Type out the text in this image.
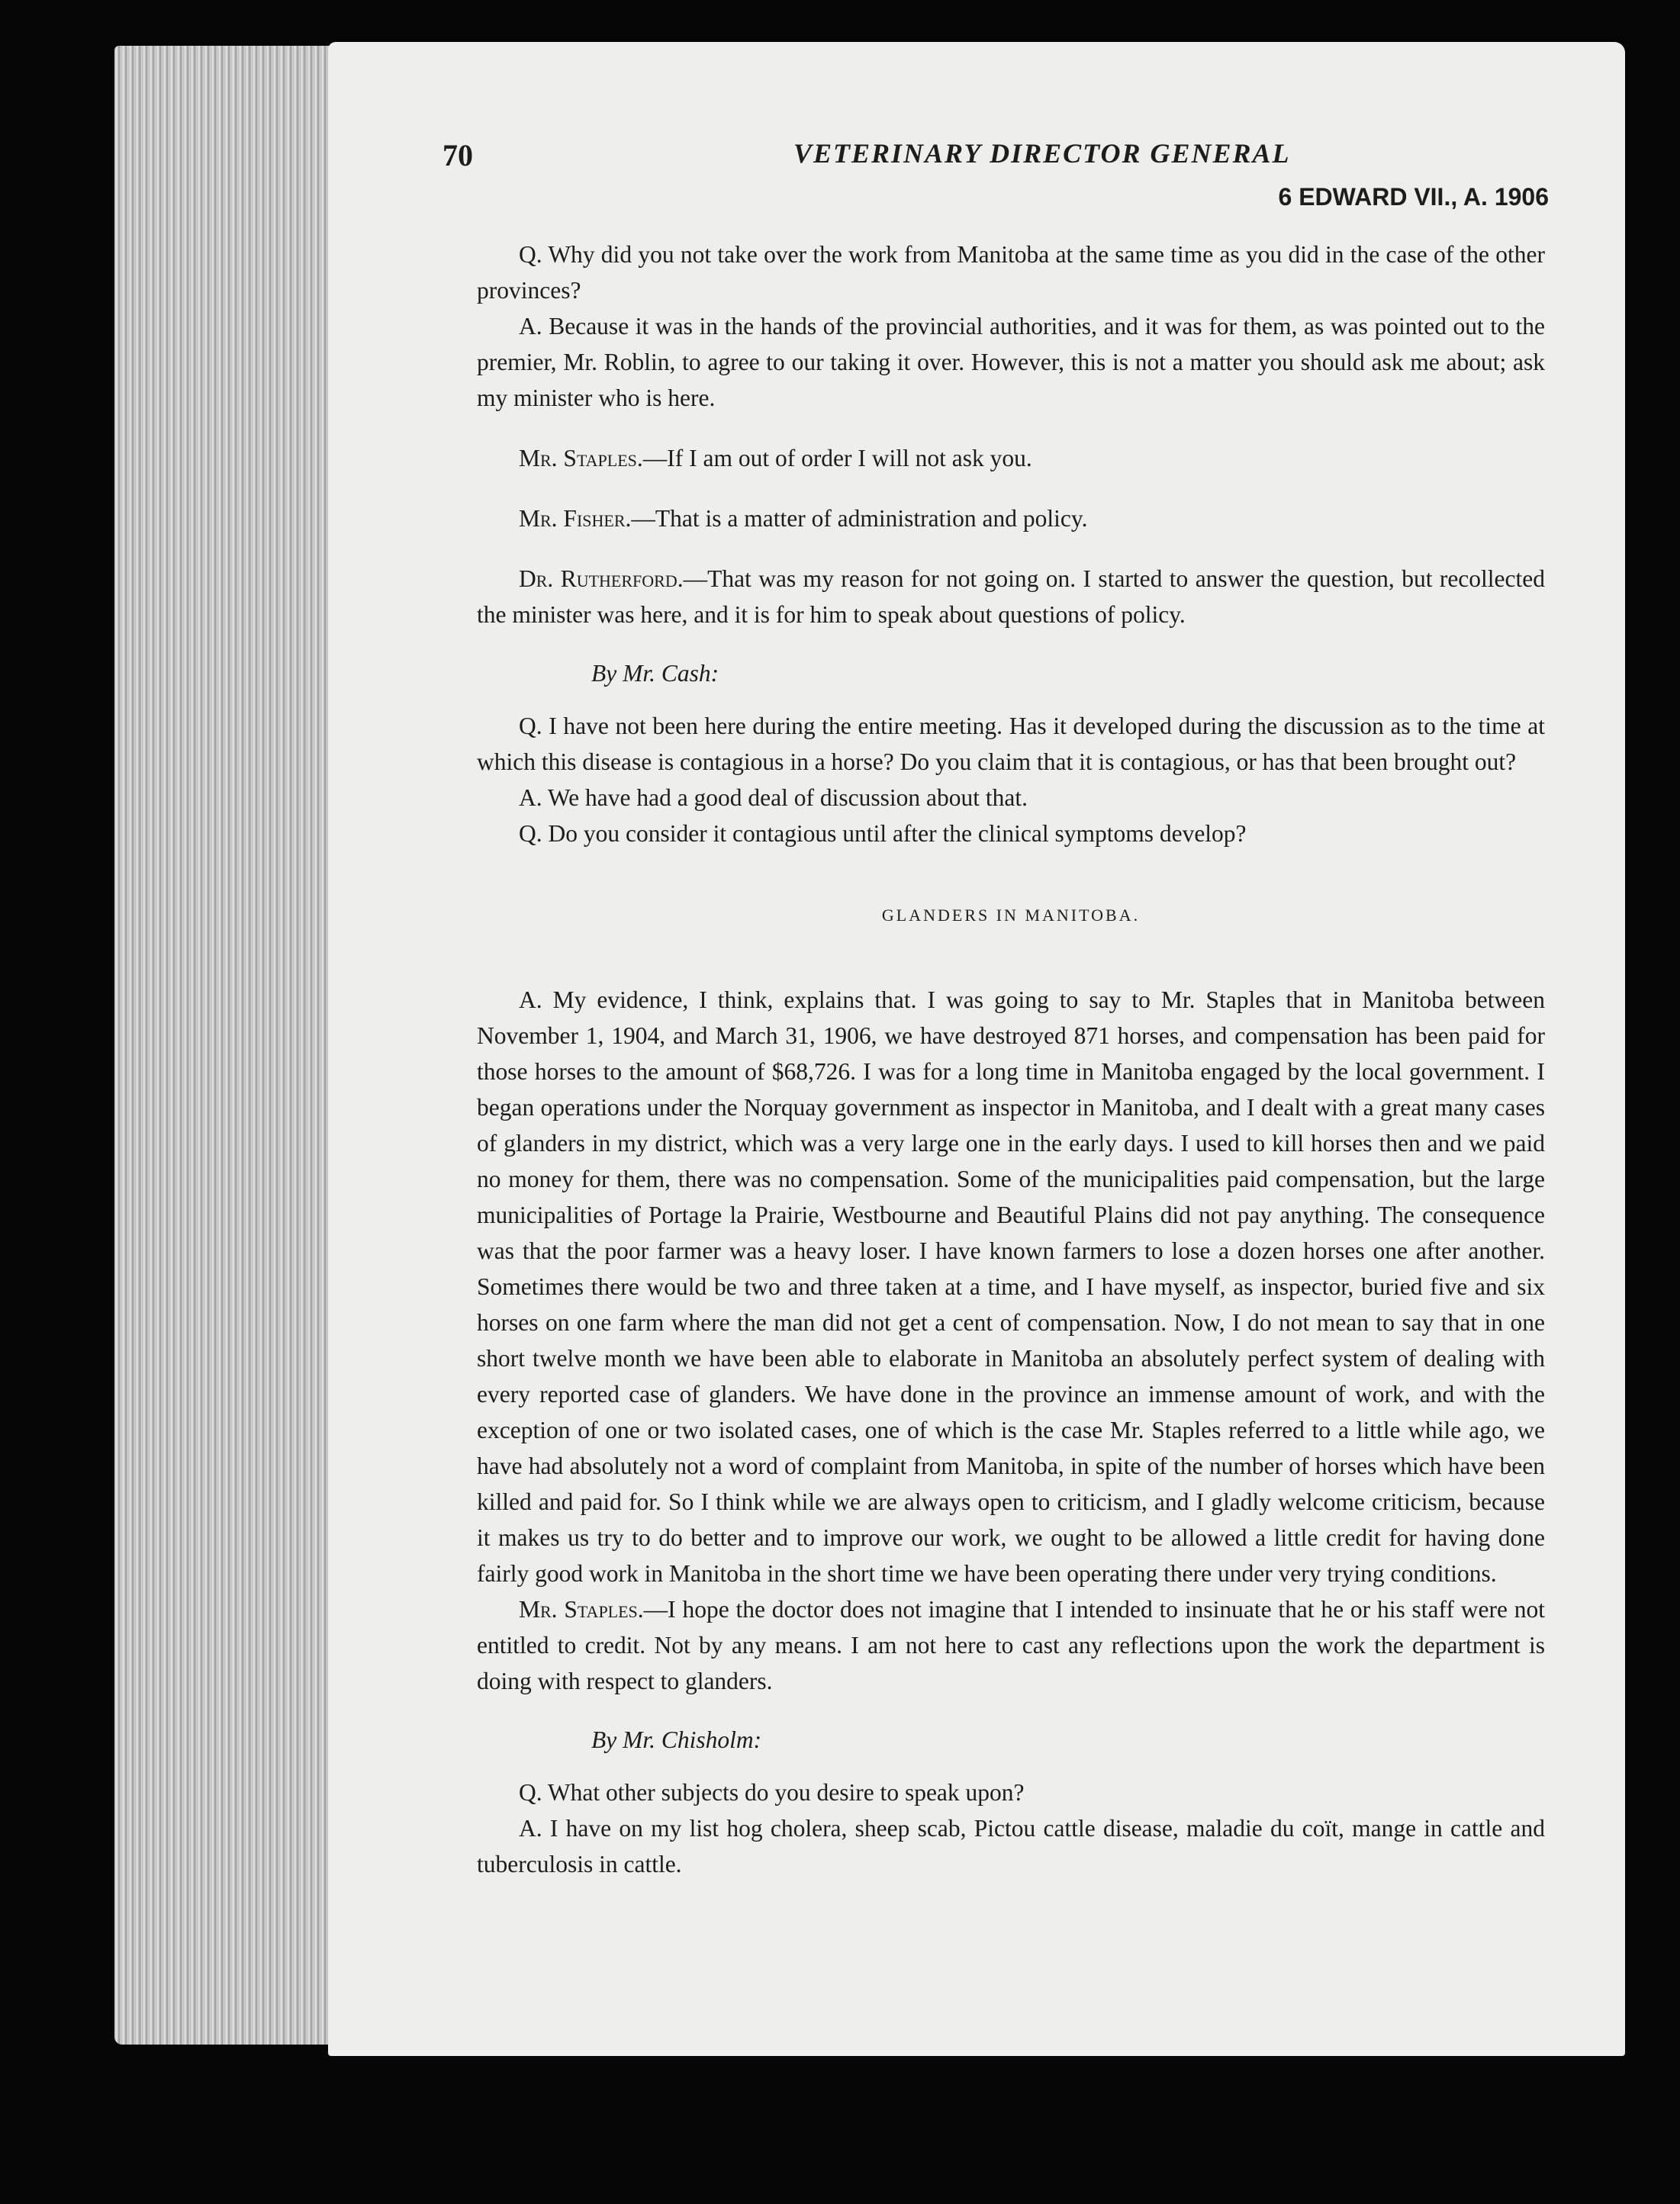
70	VETERINARY DIRECTOR GENERAL
6 EDWARD VII., A. 1906

Q. Why did you not take over the work from Manitoba at the same time as you did in the case of the other provinces?

A. Because it was in the hands of the provincial authorities, and it was for them, as was pointed out to the premier, Mr. Roblin, to agree to our taking it over. However, this is not a matter you should ask me about; ask my minister who is here.

Mr. Staples.—If I am out of order I will not ask you.

Mr. Fisher.—That is a matter of administration and policy.

Dr. Rutherford.—That was my reason for not going on. I started to answer the question, but recollected the minister was here, and it is for him to speak about questions of policy.

By Mr. Cash:

Q. I have not been here during the entire meeting. Has it developed during the discussion as to the time at which this disease is contagious in a horse? Do you claim that it is contagious, or has that been brought out?

A. We have had a good deal of discussion about that.

Q. Do you consider it contagious until after the clinical symptoms develop?

GLANDERS IN MANITOBA.

A. My evidence, I think, explains that. I was going to say to Mr. Staples that in Manitoba between November 1, 1904, and March 31, 1906, we have destroyed 871 horses, and compensation has been paid for those horses to the amount of $68,726. I was for a long time in Manitoba engaged by the local government. I began operations under the Norquay government as inspector in Manitoba, and I dealt with a great many cases of glanders in my district, which was a very large one in the early days. I used to kill horses then and we paid no money for them, there was no compensation. Some of the municipalities paid compensation, but the large municipalities of Portage la Prairie, Westbourne and Beautiful Plains did not pay anything. The consequence was that the poor farmer was a heavy loser. I have known farmers to lose a dozen horses one after another. Sometimes there would be two and three taken at a time, and I have myself, as inspector, buried five and six horses on one farm where the man did not get a cent of compensation. Now, I do not mean to say that in one short twelve month we have been able to elaborate in Manitoba an absolutely perfect system of dealing with every reported case of glanders. We have done in the province an immense amount of work, and with the exception of one or two isolated cases, one of which is the case Mr. Staples referred to a little while ago, we have had absolutely not a word of complaint from Manitoba, in spite of the number of horses which have been killed and paid for. So I think while we are always open to criticism, and I gladly welcome criticism, because it makes us try to do better and to improve our work, we ought to be allowed a little credit for having done fairly good work in Manitoba in the short time we have been operating there under very trying conditions.

Mr. Staples.—I hope the doctor does not imagine that I intended to insinuate that he or his staff were not entitled to credit. Not by any means. I am not here to cast any reflections upon the work the department is doing with respect to glanders.

By Mr. Chisholm:

Q. What other subjects do you desire to speak upon?

A. I have on my list hog cholera, sheep scab, Pictou cattle disease, maladie du coït, mange in cattle and tuberculosis in cattle.
